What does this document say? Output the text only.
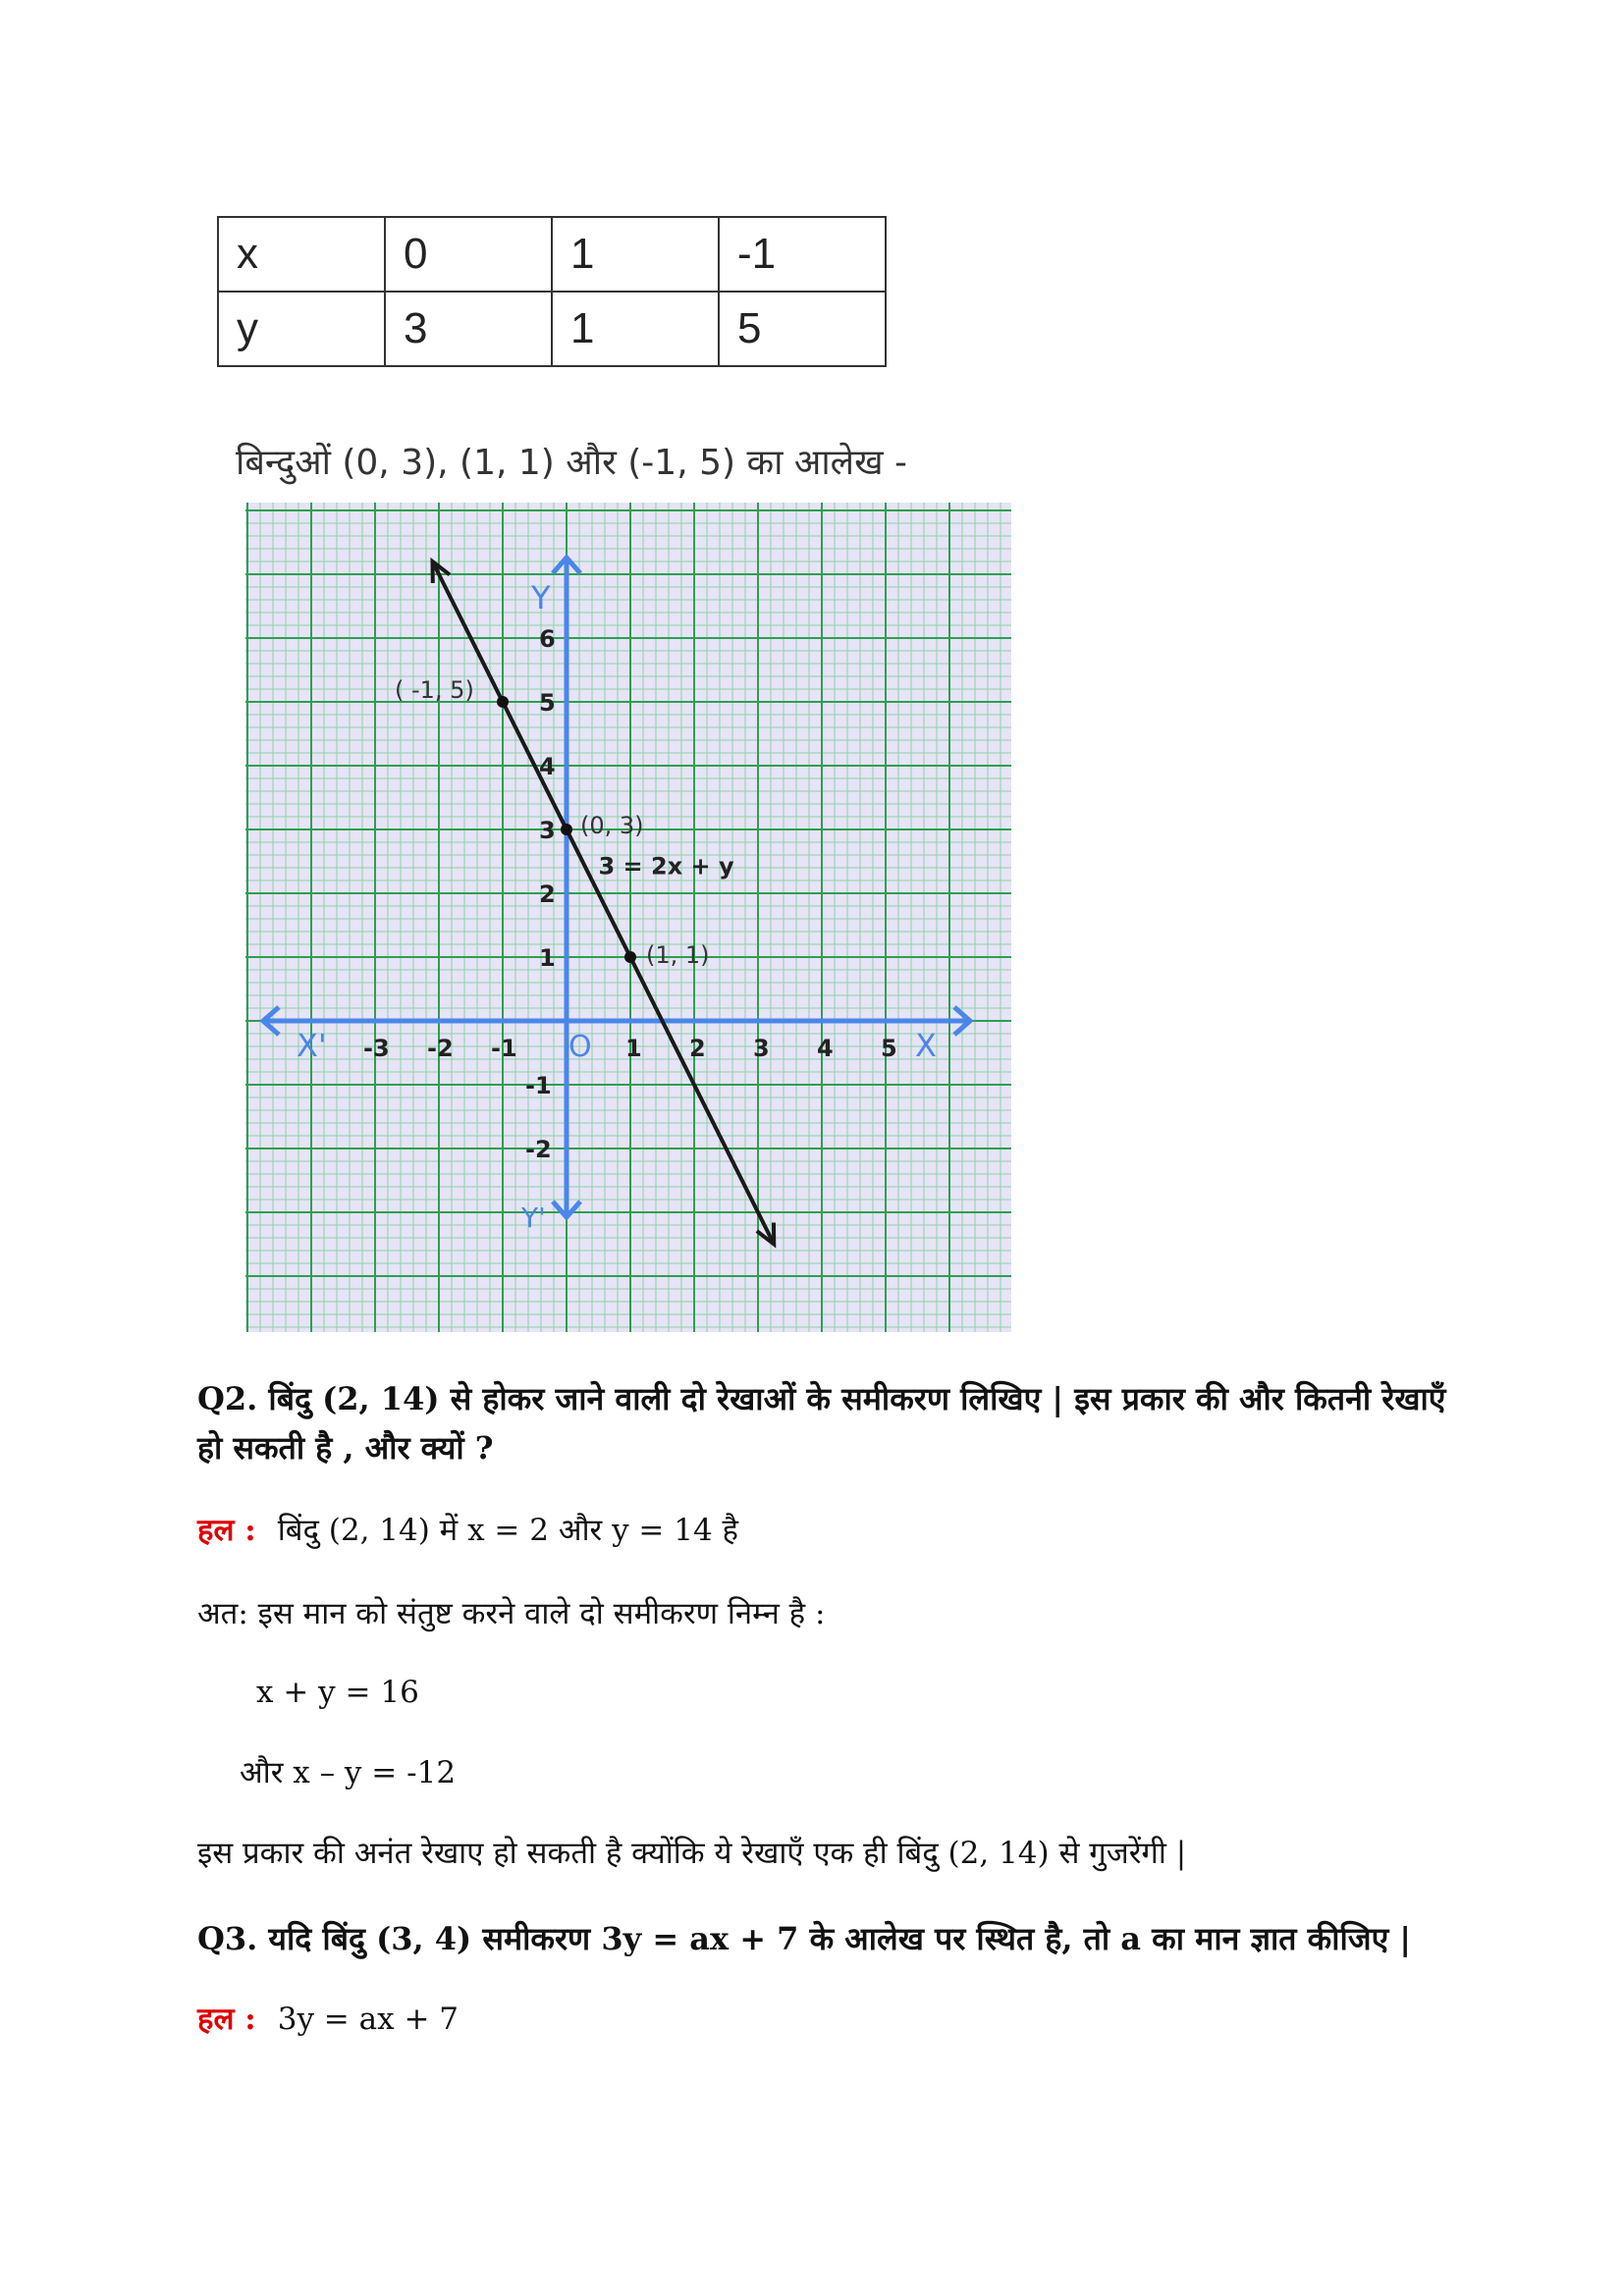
x	0	1	-1
y	3	1	5
बिन्दुओं (0, 3), (1, 1) और (-1, 5) का आलेख -
X
X'
Y
Y'
O
-3 -2 -1	1 2 3 4 5
6
5
4
3
2
1
-1
-2
3 = 2x + y
( -1, 5)
(0, 3)
(1, 1)
Q2. बिंदु (2, 14) से होकर जाने वाली दो रेखाओं के समीकरण लिखिए | इस प्रकार की और कितनी रेखाएँ हो सकती है , और क्यों ?
हल : बिंदु (2, 14) में x = 2 और y = 14 है
अत: इस मान को संतुष्ट करने वाले दो समीकरण निम्न है :
x + y = 16
और x – y = -12
इस प्रकार की अनंत रेखाए हो सकती है क्योंकि ये रेखाएँ एक ही बिंदु (2, 14) से गुजरेंगी |
Q3. यदि बिंदु (3, 4) समीकरण 3y = ax + 7 के आलेख पर स्थित है, तो a का मान ज्ञात कीजिए |
हल : 3y = ax + 7
